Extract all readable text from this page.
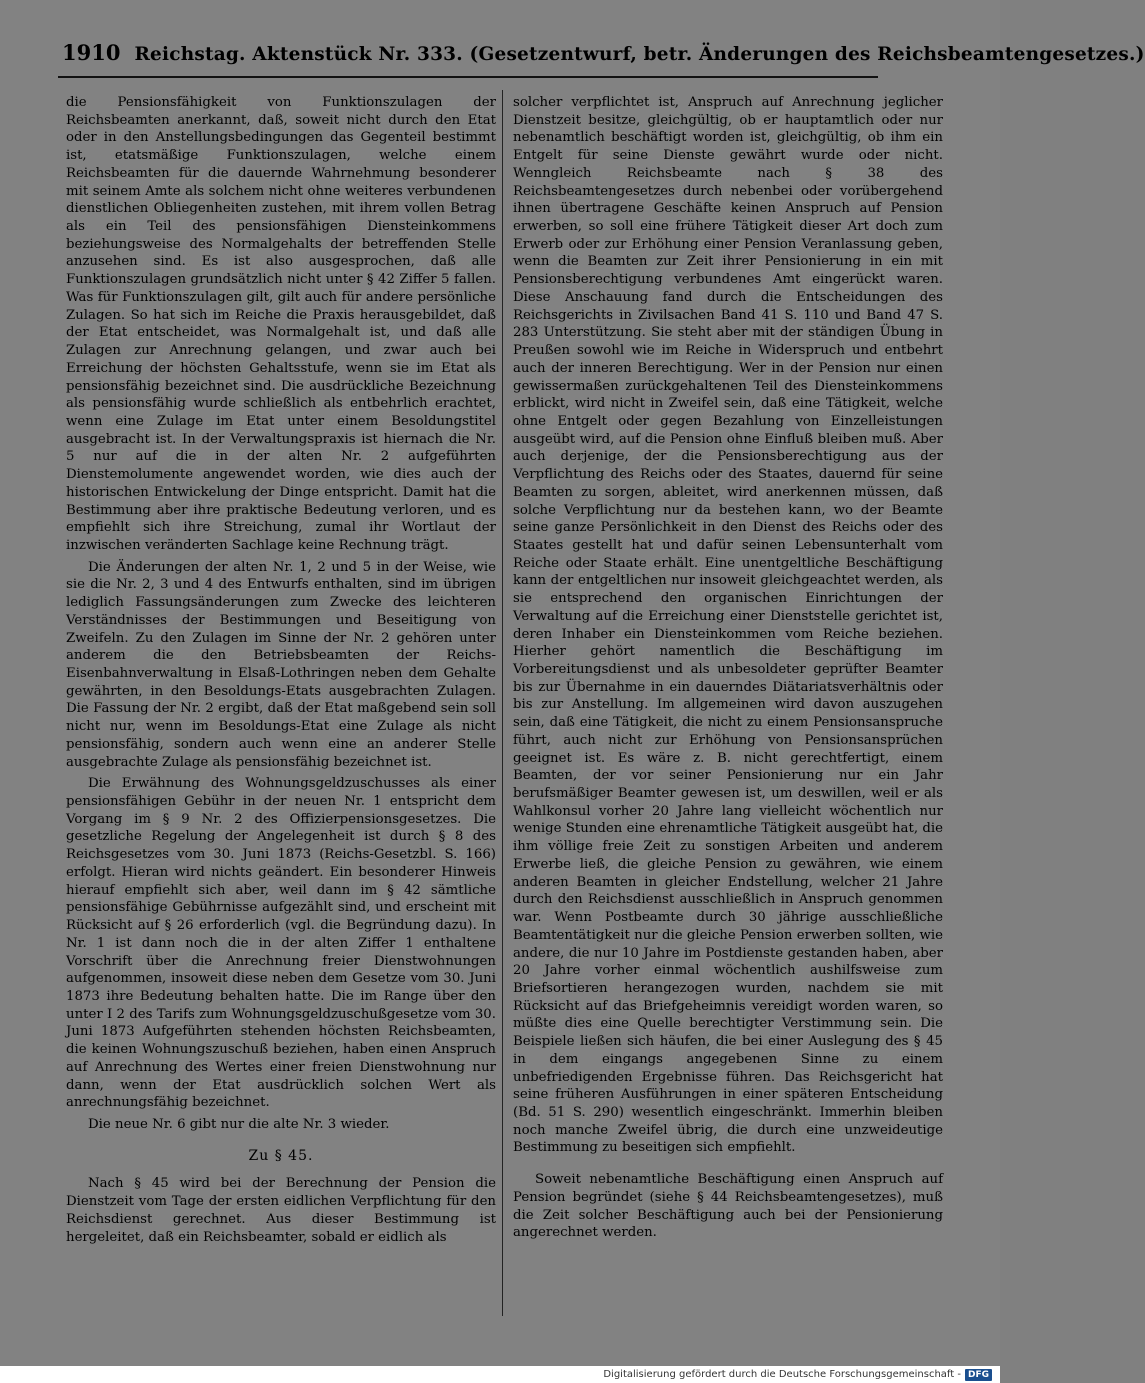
1910 Reichstag. Aktenstück Nr. 333. (Gesetzentwurf, betr. Änderungen des Reichsbeamtengesetzes.)

die Pensionsfähigkeit von Funktionszulagen der Reichsbeamten anerkannt, daß, soweit nicht durch den Etat oder in den Anstellungsbedingungen das Gegenteil bestimmt ist, etatsmäßige Funktionszulagen, welche einem Reichsbeamten für die dauernde Wahrnehmung besonderer mit seinem Amte als solchem nicht ohne weiteres verbundenen dienstlichen Obliegenheiten zustehen, mit ihrem vollen Betrag als ein Teil des pensionsfähigen Diensteinkommens beziehungsweise des Normalgehalts der betreffenden Stelle anzusehen sind. Es ist also ausgesprochen, daß alle Funktionszulagen grundsätzlich nicht unter § 42 Ziffer 5 fallen. Was für Funktionszulagen gilt, gilt auch für andere persönliche Zulagen. So hat sich im Reiche die Praxis herausgebildet, daß der Etat entscheidet, was Normalgehalt ist, und daß alle Zulagen zur Anrechnung gelangen, und zwar auch bei Erreichung der höchsten Gehaltsstufe, wenn sie im Etat als pensionsfähig bezeichnet sind. Die ausdrückliche Bezeichnung als pensionsfähig wurde schließlich als entbehrlich erachtet, wenn eine Zulage im Etat unter einem Besoldungstitel ausgebracht ist. In der Verwaltungspraxis ist hiernach die Nr. 5 nur auf die in der alten Nr. 2 aufgeführten Dienstemolumente angewendet worden, wie dies auch der historischen Entwickelung der Dinge entspricht. Damit hat die Bestimmung aber ihre praktische Bedeutung verloren, und es empfiehlt sich ihre Streichung, zumal ihr Wortlaut der inzwischen veränderten Sachlage keine Rechnung trägt.

Die Änderungen der alten Nr. 1, 2 und 5 in der Weise, wie sie die Nr. 2, 3 und 4 des Entwurfs enthalten, sind im übrigen lediglich Fassungsänderungen zum Zwecke des leichteren Verständnisses der Bestimmungen und Beseitigung von Zweifeln. Zu den Zulagen im Sinne der Nr. 2 gehören unter anderem die den Betriebsbeamten der Reichs-Eisenbahnverwaltung in Elsaß-Lothringen neben dem Gehalte gewährten, in den Besoldungs-Etats ausgebrachten Zulagen. Die Fassung der Nr. 2 ergibt, daß der Etat maßgebend sein soll nicht nur, wenn im Besoldungs-Etat eine Zulage als nicht pensionsfähig, sondern auch wenn eine an anderer Stelle ausgebrachte Zulage als pensionsfähig bezeichnet ist.

Die Erwähnung des Wohnungsgeldzuschusses als einer pensionsfähigen Gebühr in der neuen Nr. 1 entspricht dem Vorgang im § 9 Nr. 2 des Offizierpensionsgesetzes. Die gesetzliche Regelung der Angelegenheit ist durch § 8 des Reichsgesetzes vom 30. Juni 1873 (Reichs-Gesetzbl. S. 166) erfolgt. Hieran wird nichts geändert. Ein besonderer Hinweis hierauf empfiehlt sich aber, weil dann im § 42 sämtliche pensionsfähige Gebührnisse aufgezählt sind, und erscheint mit Rücksicht auf § 26 erforderlich (vgl. die Begründung dazu). In Nr. 1 ist dann noch die in der alten Ziffer 1 enthaltene Vorschrift über die Anrechnung freier Dienstwohnungen aufgenommen, insoweit diese neben dem Gesetze vom 30. Juni 1873 ihre Bedeutung behalten hatte. Die im Range über den unter I 2 des Tarifs zum Wohnungsgeldzuschußgesetze vom 30. Juni 1873 Aufgeführten stehenden höchsten Reichsbeamten, die keinen Wohnungszuschuß beziehen, haben einen Anspruch auf Anrechnung des Wertes einer freien Dienstwohnung nur dann, wenn der Etat ausdrücklich solchen Wert als anrechnungsfähig bezeichnet.

Die neue Nr. 6 gibt nur die alte Nr. 3 wieder.

Zu § 45.

Nach § 45 wird bei der Berechnung der Pension die Dienstzeit vom Tage der ersten eidlichen Verpflichtung für den Reichsdienst gerechnet. Aus dieser Bestimmung ist hergeleitet, daß ein Reichsbeamter, sobald er eidlich als

solcher verpflichtet ist, Anspruch auf Anrechnung jeglicher Dienstzeit besitze, gleichgültig, ob er hauptamtlich oder nur nebenamtlich beschäftigt worden ist, gleichgültig, ob ihm ein Entgelt für seine Dienste gewährt wurde oder nicht. Wenngleich Reichsbeamte nach § 38 des Reichsbeamtengesetzes durch nebenbei oder vorübergehend ihnen übertragene Geschäfte keinen Anspruch auf Pension erwerben, so soll eine frühere Tätigkeit dieser Art doch zum Erwerb oder zur Erhöhung einer Pension Veranlassung geben, wenn die Beamten zur Zeit ihrer Pensionierung in ein mit Pensionsberechtigung verbundenes Amt eingerückt waren. Diese Anschauung fand durch die Entscheidungen des Reichsgerichts in Zivilsachen Band 41 S. 110 und Band 47 S. 283 Unterstützung. Sie steht aber mit der ständigen Übung in Preußen sowohl wie im Reiche in Widerspruch und entbehrt auch der inneren Berechtigung. Wer in der Pension nur einen gewissermaßen zurückgehaltenen Teil des Diensteinkommens erblickt, wird nicht in Zweifel sein, daß eine Tätigkeit, welche ohne Entgelt oder gegen Bezahlung von Einzelleistungen ausgeübt wird, auf die Pension ohne Einfluß bleiben muß. Aber auch derjenige, der die Pensionsberechtigung aus der Verpflichtung des Reichs oder des Staates, dauernd für seine Beamten zu sorgen, ableitet, wird anerkennen müssen, daß solche Verpflichtung nur da bestehen kann, wo der Beamte seine ganze Persönlichkeit in den Dienst des Reichs oder des Staates gestellt hat und dafür seinen Lebensunterhalt vom Reiche oder Staate erhält. Eine unentgeltliche Beschäftigung kann der entgeltlichen nur insoweit gleichgeachtet werden, als sie entsprechend den organischen Einrichtungen der Verwaltung auf die Erreichung einer Dienststelle gerichtet ist, deren Inhaber ein Diensteinkommen vom Reiche beziehen. Hierher gehört namentlich die Beschäftigung im Vorbereitungsdienst und als unbesoldeter geprüfter Beamter bis zur Übernahme in ein dauerndes Diätariatsverhältnis oder bis zur Anstellung. Im allgemeinen wird davon auszugehen sein, daß eine Tätigkeit, die nicht zu einem Pensionsanspruche führt, auch nicht zur Erhöhung von Pensionsansprüchen geeignet ist. Es wäre z. B. nicht gerechtfertigt, einem Beamten, der vor seiner Pensionierung nur ein Jahr berufsmäßiger Beamter gewesen ist, um deswillen, weil er als Wahlkonsul vorher 20 Jahre lang vielleicht wöchentlich nur wenige Stunden eine ehrenamtliche Tätigkeit ausgeübt hat, die ihm völlige freie Zeit zu sonstigen Arbeiten und anderem Erwerbe ließ, die gleiche Pension zu gewähren, wie einem anderen Beamten in gleicher Endstellung, welcher 21 Jahre durch den Reichsdienst ausschließlich in Anspruch genommen war. Wenn Postbeamte durch 30 jährige ausschließliche Beamtentätigkeit nur die gleiche Pension erwerben sollten, wie andere, die nur 10 Jahre im Postdienste gestanden haben, aber 20 Jahre vorher einmal wöchentlich aushilfsweise zum Briefsortieren herangezogen wurden, nachdem sie mit Rücksicht auf das Briefgeheimnis vereidigt worden waren, so müßte dies eine Quelle berechtigter Verstimmung sein. Die Beispiele ließen sich häufen, die bei einer Auslegung des § 45 in dem eingangs angegebenen Sinne zu einem unbefriedigenden Ergebnisse führen. Das Reichsgericht hat seine früheren Ausführungen in einer späteren Entscheidung (Bd. 51 S. 290) wesentlich eingeschränkt. Immerhin bleiben noch manche Zweifel übrig, die durch eine unzweideutige Bestimmung zu beseitigen sich empfiehlt.

Soweit nebenamtliche Beschäftigung einen Anspruch auf Pension begründet (siehe § 44 Reichsbeamtengesetzes), muß die Zeit solcher Beschäftigung auch bei der Pensionierung angerechnet werden.

Digitalisierung gefördert durch die Deutsche Forschungsgemeinschaft - DFG
